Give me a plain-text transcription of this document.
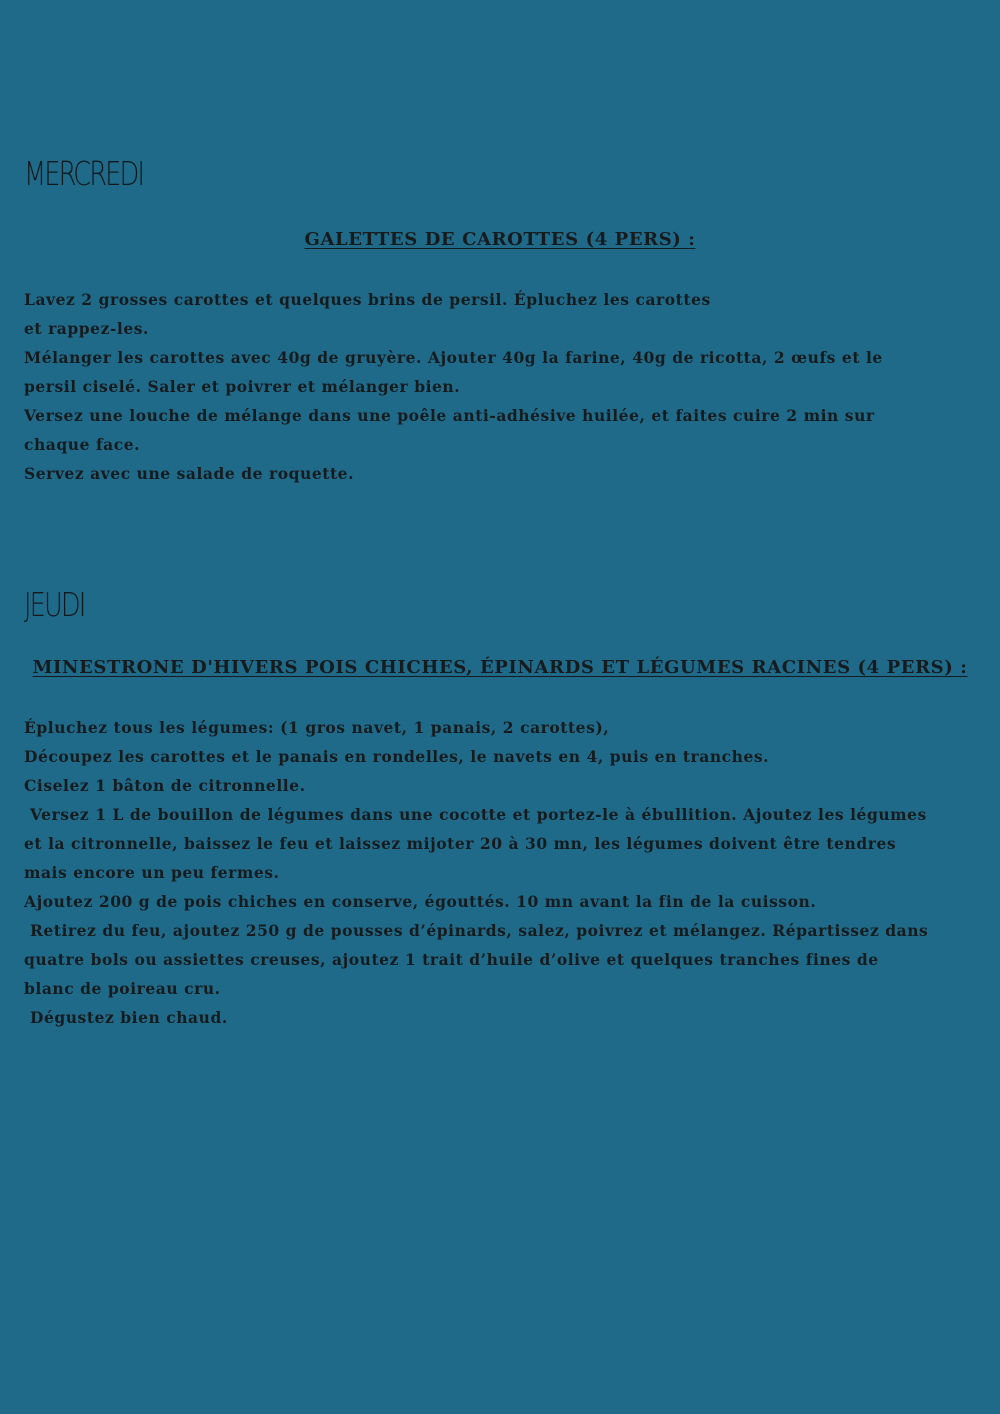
MERCREDI
GALETTES DE CAROTTES (4 PERS) :
Lavez 2 grosses carottes et quelques brins de persil. Épluchez les carottes
et rappez-les.
Mélanger les carottes avec 40g de gruyère. Ajouter 40g la farine, 40g de ricotta, 2 œufs et le
persil ciselé. Saler et poivrer et mélanger bien.
Versez une louche de mélange dans une poêle anti-adhésive huilée, et faites cuire 2 min sur
chaque face.
Servez avec une salade de roquette.
JEUDI
MINESTRONE D'HIVERS POIS CHICHES, ÉPINARDS ET LÉGUMES RACINES (4 PERS) :
Épluchez tous les légumes: (1 gros navet, 1 panais, 2 carottes),
Découpez les carottes et le panais en rondelles, le navets en 4, puis en tranches.
Ciselez 1 bâton de citronnelle.
Versez 1 L de bouillon de légumes dans une cocotte et portez-le à ébullition. Ajoutez les légumes
et la citronnelle, baissez le feu et laissez mijoter 20 à 30 mn, les légumes doivent être tendres
mais encore un peu fermes.
Ajoutez 200 g de pois chiches en conserve, égouttés. 10 mn avant la fin de la cuisson.
Retirez du feu, ajoutez 250 g de pousses d’épinards, salez, poivrez et mélangez. Répartissez dans
quatre bols ou assiettes creuses, ajoutez 1 trait d’huile d’olive et quelques tranches fines de
blanc de poireau cru.
Dégustez bien chaud.
